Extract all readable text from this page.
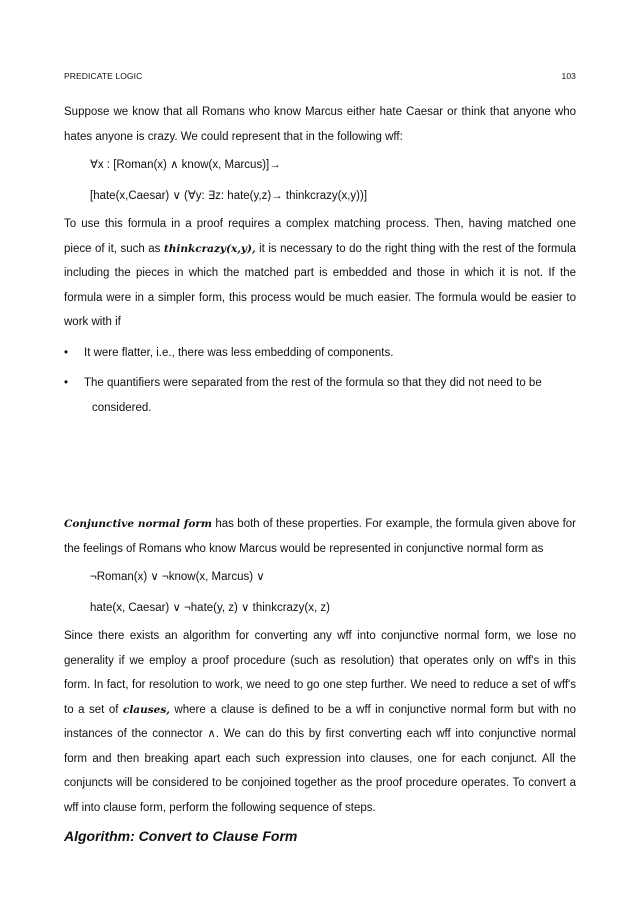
PREDICATE LOGIC	103

Suppose we know that all Romans who know Marcus either hate Caesar or think that anyone who hates anyone is crazy. We could represent that in the following wff:

∀x : [Roman(x) ∧ know(x, Marcus)]→

[hate(x,Caesar) ∨ (∀y: ∃z: hate(y,z)→ thinkcrazy(x,y))]

To use this formula in a proof requires a complex matching process. Then, having matched one piece of it, such as thinkcrazy(x,y), it is necessary to do the right thing with the rest of the formula including the pieces in which the matched part is embedded and those in which it is not. If the formula were in a simpler form, this process would be much easier. The formula would be easier to work with if

• It were flatter, i.e., there was less embedding of components.
• The quantifiers were separated from the rest of the formula so that they did not need to be
considered.

Conjunctive normal form has both of these properties. For example, the formula given above for the feelings of Romans who know Marcus would be represented in conjunctive normal form as

¬Roman(x) ∨ ¬know(x, Marcus) ∨

hate(x, Caesar) ∨ ¬hate(y, z) ∨ thinkcrazy(x, z)

Since there exists an algorithm for converting any wff into conjunctive normal form, we lose no generality if we employ a proof procedure (such as resolution) that operates only on wff's in this form. In fact, for resolution to work, we need to go one step further. We need to reduce a set of wff's to a set of clauses, where a clause is defined to be a wff in conjunctive normal form but with no instances of the connector ∧. We can do this by first converting each wff into conjunctive normal form and then breaking apart each such expression into clauses, one for each conjunct. All the conjuncts will be considered to be conjoined together as the proof procedure operates. To convert a wff into clause form, perform the following sequence of steps.

Algorithm: Convert to Clause Form
